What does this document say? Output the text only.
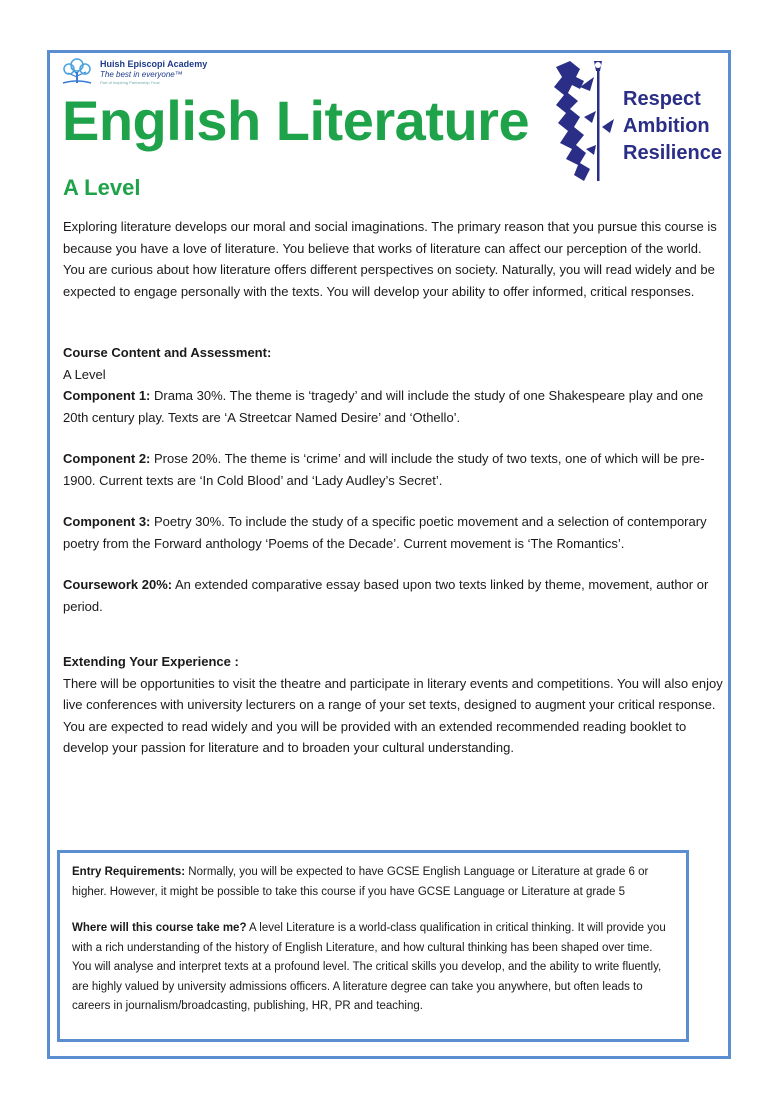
Huish Episcopi Academy
The best in everyone™
Part of Inspiring Partnership Trust
English Literature
A Level
Respect
Ambition
Resilience

Exploring literature develops our moral and social imaginations. The primary reason that you pursue this course is because you have a love of literature. You believe that works of literature can affect our perception of the world. You are curious about how literature offers different perspectives on society. Naturally, you will read widely and be expected to engage personally with the texts. You will develop your ability to offer informed, critical responses.

Course Content and Assessment:

A Level

Component 1: Drama 30%. The theme is ‘tragedy’ and will include the study of one Shakespeare play and one 20th century play. Texts are ‘A Streetcar Named Desire’ and ‘Othello’.

Component 2: Prose 20%. The theme is ‘crime’ and will include the study of two texts, one of which will be pre-1900. Current texts are ‘In Cold Blood’ and ‘Lady Audley’s Secret’.

Component 3: Poetry 30%. To include the study of a specific poetic movement and a selection of contemporary poetry from the Forward anthology ‘Poems of the Decade’. Current movement is ‘The Romantics’.

Coursework 20%: An extended comparative essay based upon two texts linked by theme, movement, author or period.

Extending Your Experience :

There will be opportunities to visit the theatre and participate in literary events and competitions. You will also enjoy live conferences with university lecturers on a range of your set texts, designed to augment your critical response. You are expected to read widely and you will be provided with an extended recommended reading booklet to develop your passion for literature and to broaden your cultural understanding.

Entry Requirements: Normally, you will be expected to have GCSE English Language or Literature at grade 6 or higher. However, it might be possible to take this course if you have GCSE Language or Literature at grade 5

Where will this course take me? A level Literature is a world-class qualification in critical thinking. It will provide you with a rich understanding of the history of English Literature, and how cultural thinking has been shaped over time. You will analyse and interpret texts at a profound level. The critical skills you develop, and the ability to write fluently, are highly valued by university admissions officers. A literature degree can take you anywhere, but often leads to careers in journalism/broadcasting, publishing, HR, PR and teaching.
